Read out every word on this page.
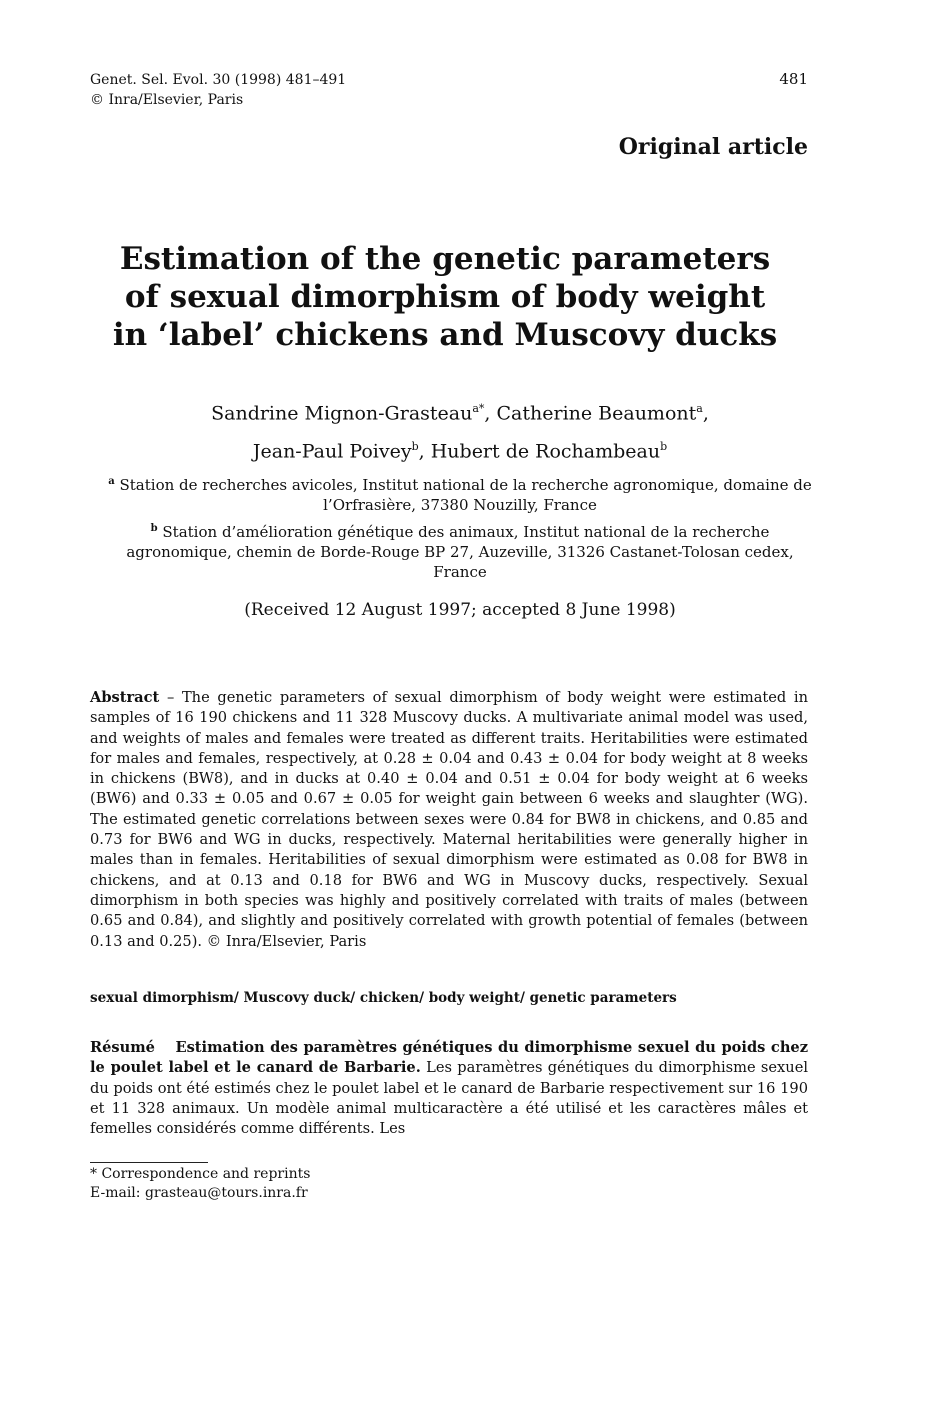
Genet. Sel. Evol. 30 (1998) 481–491
© Inra/Elsevier, Paris
481
Original article
Estimation of the genetic parameters
of sexual dimorphism of body weight
in ‘label’ chickens and Muscovy ducks
Sandrine Mignon-Grasteau$^{a*}$, Catherine Beaumont$^a$,
Jean-Paul Poivey$^b$, Hubert de Rochambeau$^b$
$^a$ Station de recherches avicoles, Institut national de la recherche agronomique, domaine de l’Orfrasière, 37380 Nouzilly, France
$^b$ Station d’amélioration génétique des animaux, Institut national de la recherche agronomique, chemin de Borde-Rouge BP 27, Auzeville, 31326 Castanet-Tolosan cedex, France
(Received 12 August 1997; accepted 8 June 1998)
Abstract – The genetic parameters of sexual dimorphism of body weight were estimated in samples of 16 190 chickens and 11 328 Muscovy ducks. A multivariate animal model was used, and weights of males and females were treated as different traits. Heritabilities were estimated for males and females, respectively, at 0.28 ± 0.04 and 0.43 ± 0.04 for body weight at 8 weeks in chickens (BW8), and in ducks at 0.40 ± 0.04 and 0.51 ± 0.04 for body weight at 6 weeks (BW6) and 0.33 ± 0.05 and 0.67 ± 0.05 for weight gain between 6 weeks and slaughter (WG). The estimated genetic correlations between sexes were 0.84 for BW8 in chickens, and 0.85 and 0.73 for BW6 and WG in ducks, respectively. Maternal heritabilities were generally higher in males than in females. Heritabilities of sexual dimorphism were estimated as 0.08 for BW8 in chickens, and at 0.13 and 0.18 for BW6 and WG in Muscovy ducks, respectively. Sexual dimorphism in both species was highly and positively correlated with traits of males (between 0.65 and 0.84), and slightly and positively correlated with growth potential of females (between 0.13 and 0.25). © Inra/Elsevier, Paris
sexual dimorphism/ Muscovy duck/ chicken/ body weight/ genetic parameters
Résumé Estimation des paramètres génétiques du dimorphisme sexuel du poids chez le poulet label et le canard de Barbarie. Les paramètres génétiques du dimorphisme sexuel du poids ont été estimés chez le poulet label et le canard de Barbarie respectivement sur 16 190 et 11 328 animaux. Un modèle animal multicaractère a été utilisé et les caractères mâles et femelles considérés comme différents. Les
* Correspondence and reprints
E-mail: grasteau@tours.inra.fr
